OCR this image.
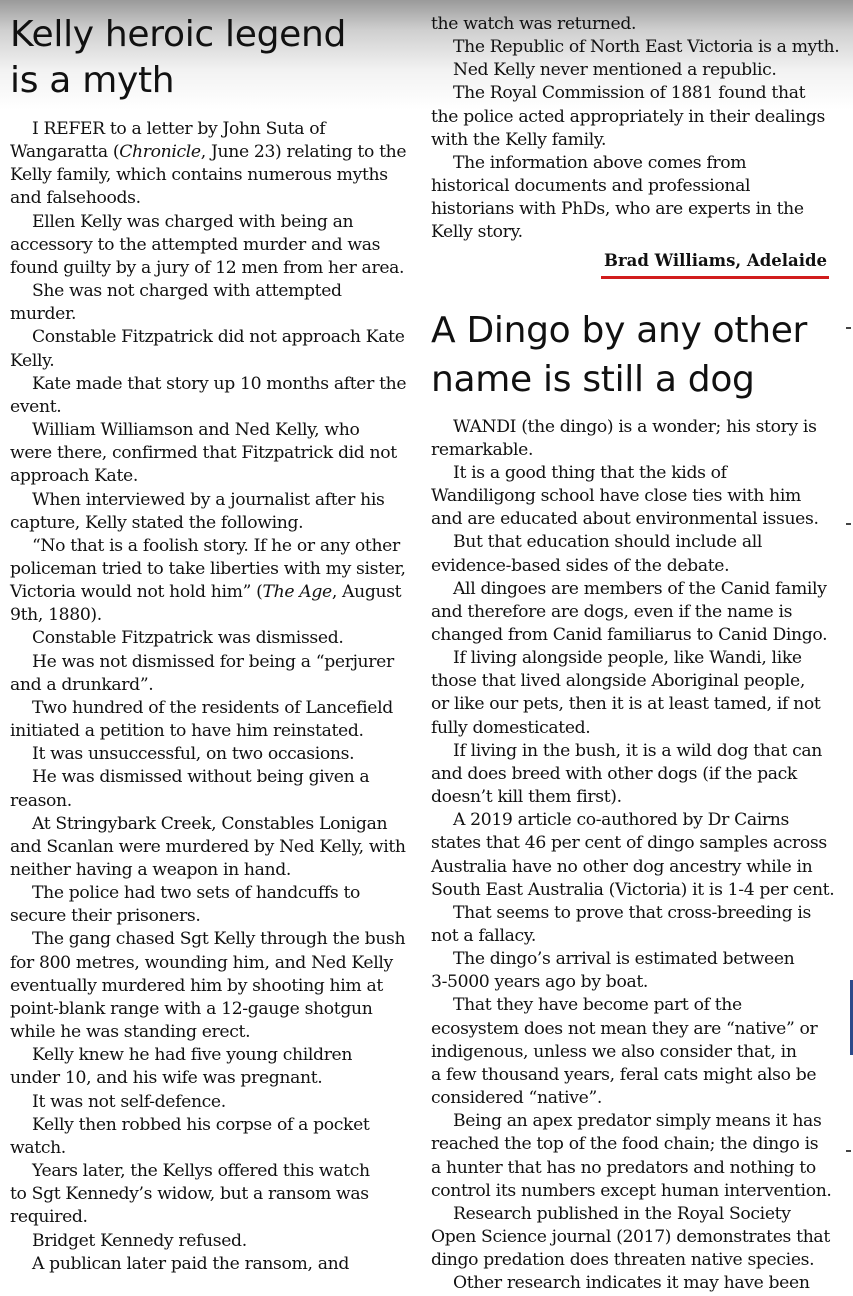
Kelly heroic legend
is a myth

I REFER to a letter by John Suta of

Wangaratta (Chronicle, June 23) relating to the

Kelly family, which contains numerous myths

and falsehoods.

Ellen Kelly was charged with being an

accessory to the attempted murder and was

found guilty by a jury of 12 men from her area.

She was not charged with attempted

murder.

Constable Fitzpatrick did not approach Kate

Kelly.

Kate made that story up 10 months after the

event.

William Williamson and Ned Kelly, who

were there, confirmed that Fitzpatrick did not

approach Kate.

When interviewed by a journalist after his

capture, Kelly stated the following.

“No that is a foolish story. If he or any other

policeman tried to take liberties with my sister,

Victoria would not hold him” (The Age, August

9th, 1880).

Constable Fitzpatrick was dismissed.

He was not dismissed for being a “perjurer

and a drunkard”.

Two hundred of the residents of Lancefield

initiated a petition to have him reinstated.

It was unsuccessful, on two occasions.

He was dismissed without being given a

reason.

At Stringybark Creek, Constables Lonigan

and Scanlan were murdered by Ned Kelly, with

neither having a weapon in hand.

The police had two sets of handcuffs to

secure their prisoners.

The gang chased Sgt Kelly through the bush

for 800 metres, wounding him, and Ned Kelly

eventually murdered him by shooting him at

point-blank range with a 12-gauge shotgun

while he was standing erect.

Kelly knew he had five young children

under 10, and his wife was pregnant.

It was not self-defence.

Kelly then robbed his corpse of a pocket

watch.

Years later, the Kellys offered this watch

to Sgt Kennedy’s widow, but a ransom was

required.

Bridget Kennedy refused.

A publican later paid the ransom, and

the watch was returned.

The Republic of North East Victoria is a myth.

Ned Kelly never mentioned a republic.

The Royal Commission of 1881 found that

the police acted appropriately in their dealings

with the Kelly family.

The information above comes from

historical documents and professional

historians with PhDs, who are experts in the

Kelly story.

Brad Williams, Adelaide
A Dingo by any other
name is still a dog

WANDI (the dingo) is a wonder; his story is

remarkable.

It is a good thing that the kids of

Wandiligong school have close ties with him

and are educated about environmental issues.

But that education should include all

evidence-based sides of the debate.

All dingoes are members of the Canid family

and therefore are dogs, even if the name is

changed from Canid familiarus to Canid Dingo.

If living alongside people, like Wandi, like

those that lived alongside Aboriginal people,

or like our pets, then it is at least tamed, if not

fully domesticated.

If living in the bush, it is a wild dog that can

and does breed with other dogs (if the pack

doesn’t kill them first).

A 2019 article co-authored by Dr Cairns

states that 46 per cent of dingo samples across

Australia have no other dog ancestry while in

South East Australia (Victoria) it is 1-4 per cent.

That seems to prove that cross-breeding is

not a fallacy.

The dingo’s arrival is estimated between

3-5000 years ago by boat.

That they have become part of the

ecosystem does not mean they are “native” or

indigenous, unless we also consider that, in

a few thousand years, feral cats might also be

considered “native”.

Being an apex predator simply means it has

reached the top of the food chain; the dingo is

a hunter that has no predators and nothing to

control its numbers except human intervention.

Research published in the Royal Society

Open Science journal (2017) demonstrates that

dingo predation does threaten native species.

Other research indicates it may have been
